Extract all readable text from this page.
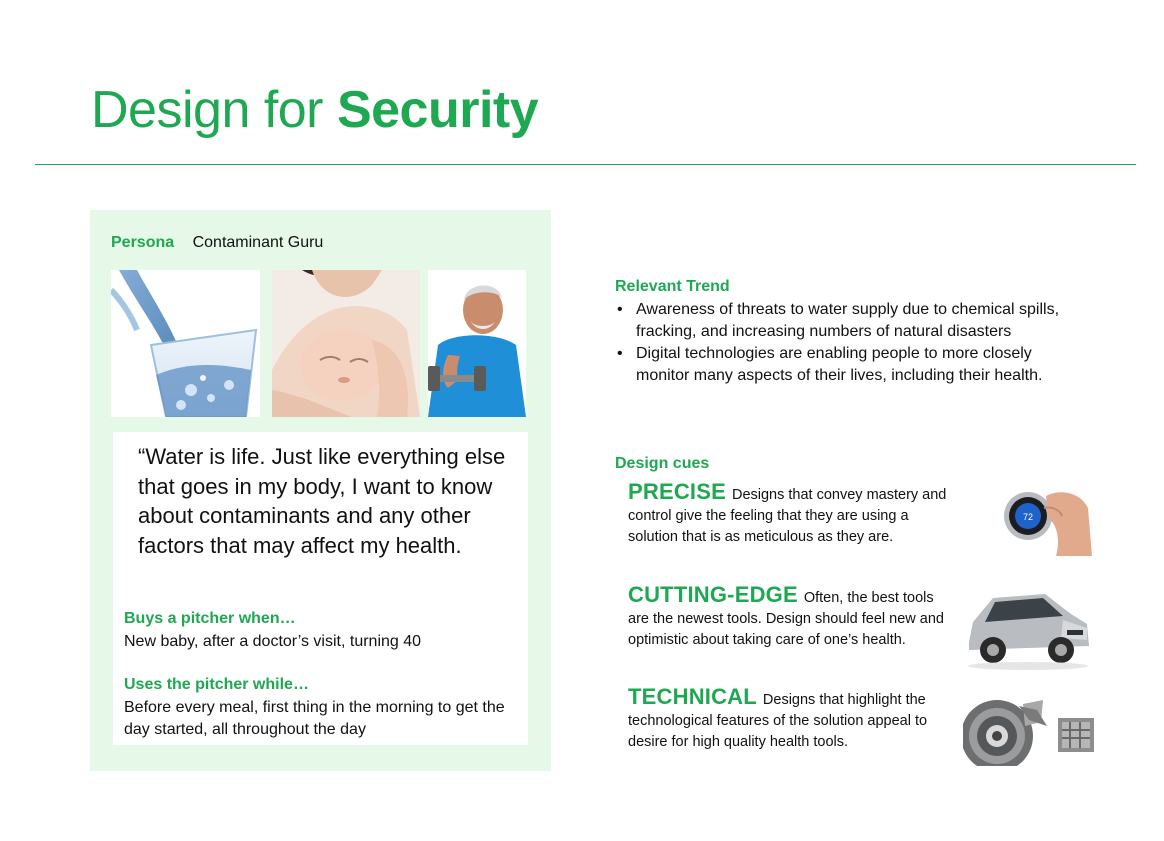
Design for Security
Persona Contaminant Guru

“Water is life. Just like everything else that goes in my body, I want to know about contaminants and any other factors that may affect my health.

Buys a pitcher when…
New baby, after a doctor’s visit, turning 40
Uses the pitcher while…
Before every meal, first thing in the morning to get the day started, all throughout the day
Relevant Trend
• Awareness of threats to water supply due to chemical spills, fracking, and increasing numbers of natural disasters
• Digital technologies are enabling people to more closely monitor many aspects of their lives, including their health.
Design cues
PRECISE Designs that convey mastery and control give the feeling that they are using a solution that is as meticulous as they are.
72
CUTTING-EDGE Often, the best tools are the newest tools. Design should feel new and optimistic about taking care of one’s health.
TECHNICAL Designs that highlight the technological features of the solution appeal to desire for high quality health tools.
